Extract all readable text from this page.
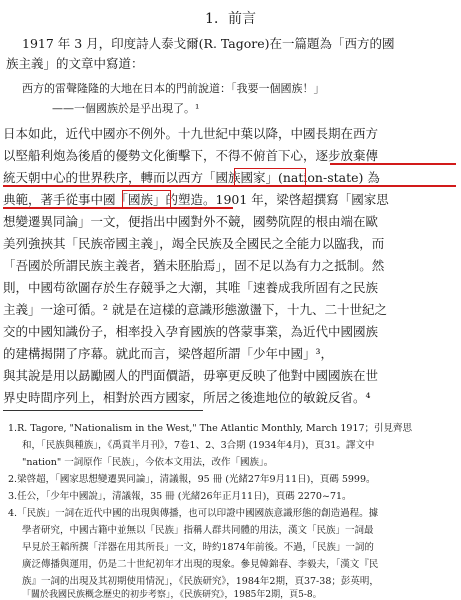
1．前言
1917 年 3 月，印度詩人泰戈爾(R. Tagore)在一篇題為「西方的國
族主義」的文章中寫道：
西方的雷聲隆隆的大地在日本的門前說道：「我要一個國族！」
——一個國族於是乎出現了。¹
日本如此，近代中國亦不例外。十九世紀中葉以降，中國長期在西方
以堅船利炮為後盾的優勢文化衝擊下，不得不俯首下心，逐步放棄傳
統天朝中心的世界秩序，轉而以西方「國族國家」(nation-state) 為
典範，著手從事中國「國族」的塑造。1901 年，梁啓超撰寫「國家思
想變遷異同論」一文，便指出中國對外不競，國勢阬陧的根由端在歐
美列強挾其「民族帝國主義」，竭全民族及全國民之全能力以臨我，而
「吾國於所謂民族主義者，猶未胚胎焉」，固不足以為有力之抵制。然
則，中國苟欲圖存於生存競爭之大潮，其唯「速養成我所固有之民族
主義」一途可循。² 就是在這樣的意識形態激盪下，十九、二十世紀之
交的中國知識份子，相率投入孕育國族的啓蒙事業，為近代中國國族
的建構揭開了序幕。就此而言，梁啓超所謂「少年中國」³，
與其說是用以勗勵國人的門面價語，毋寧更反映了他對中國國族在世
界史時間序列上，相對於西方國家，所居之後進地位的敏銳反省。⁴
1.R. Tagore, "Nationalism in the West," The Atlantic Monthly, March 1917；引見齊思
和，「民族與種族」，《禹貢半月刊》，7卷1、2、3合期 (1934年4月)，頁31。譯文中
"nation" 一詞原作「民族」，今依本文用法，改作「國族」。
2.梁啓超，「國家思想變遷異同論」，清議報，95 冊 (光緒27年9月11日)，頁碼 5999。
3.任公，「少年中國說」，清議報，35 冊 (光緒26年正月11日)，頁碼 2270~71。
4.「民族」一詞在近代中國的出現與傳播，也可以印證中國國族意識形態的創造過程。據
學者研究，中國古籍中並無以「民族」指稱人群共同體的用法，漢文「民族」一詞最
早見於王韜所撰「洋器在用其所長」一文，時約1874年前後。不過，「民族」一詞的
廣泛傳播與運用，仍是二十世紀初年才出現的現象。參見韓錦春、李毅夫，「漢文『民
族』一詞的出現及其初期使用情況」，《民族研究》，1984年2期，頁37-38；彭英明，
「關於我國民族概念歷史的初步考察」，《民族研究》，1985年2期，頁5-8。
